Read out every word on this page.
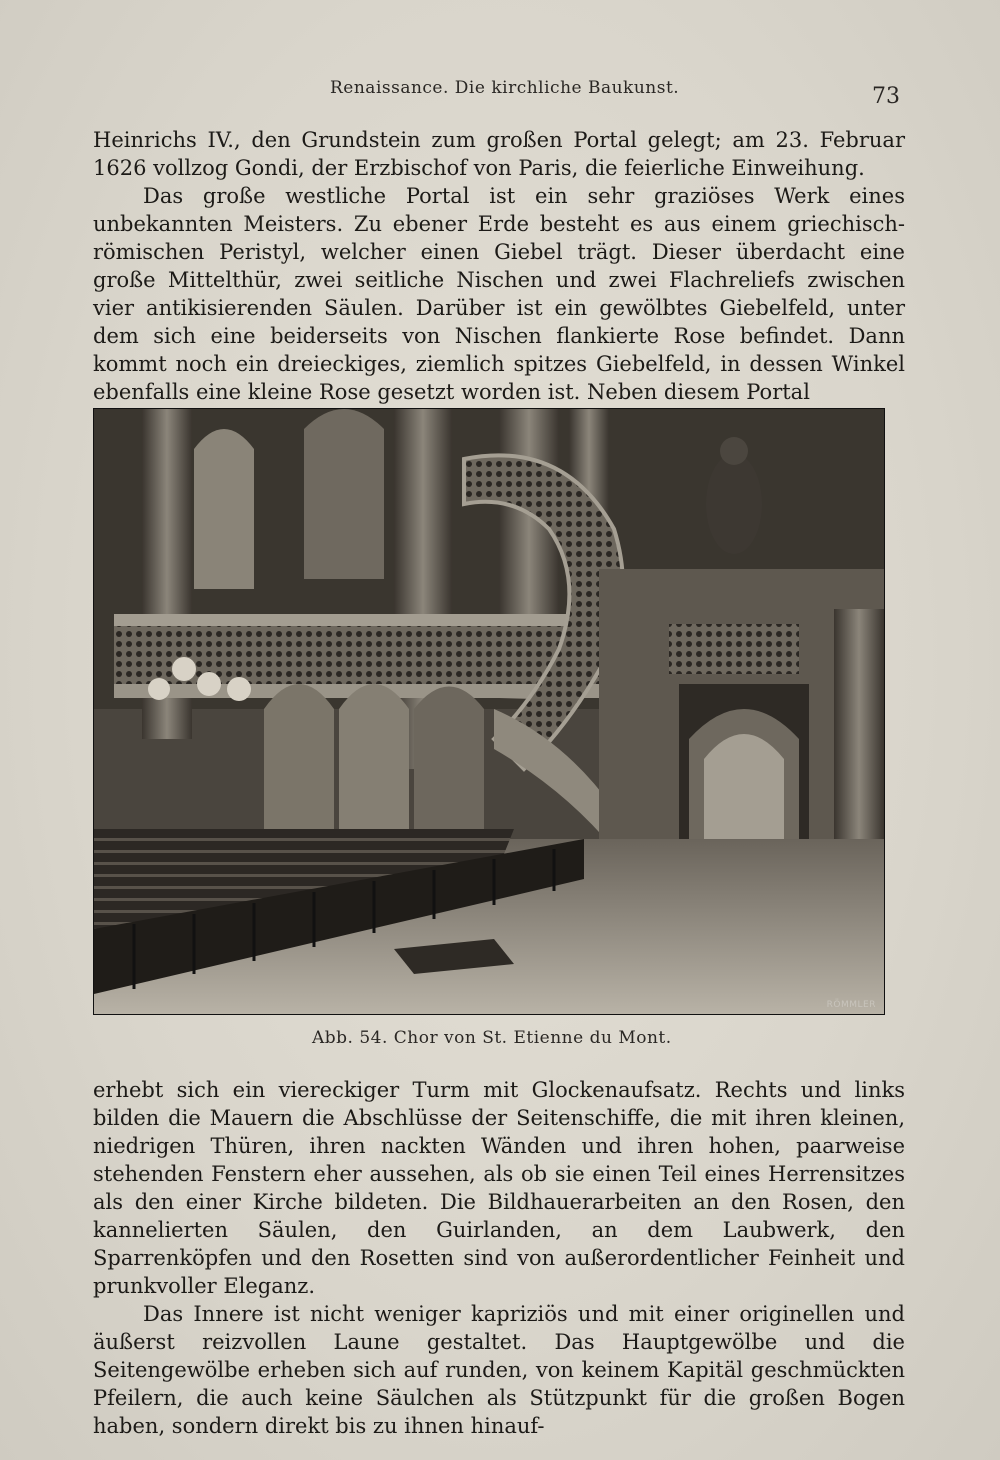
Renaissance. Die kirchliche Baukunst.	73

Heinrichs IV., den Grundstein zum großen Portal gelegt; am 23. Februar 1626 vollzog Gondi, der Erzbischof von Paris, die feierliche Einweihung.

Das große westliche Portal ist ein sehr graziöses Werk eines unbekannten Meisters. Zu ebener Erde besteht es aus einem griechisch-römischen Peristyl, welcher einen Giebel trägt. Dieser überdacht eine große Mittelthür, zwei seitliche Nischen und zwei Flachreliefs zwischen vier antikisierenden Säulen. Darüber ist ein gewölbtes Giebelfeld, unter dem sich eine beiderseits von Nischen flankierte Rose befindet. Dann kommt noch ein dreieckiges, ziemlich spitzes Giebelfeld, in dessen Winkel ebenfalls eine kleine Rose gesetzt worden ist. Neben diesem Portal

RÖMMLER
Abb. 54. Chor von St. Etienne du Mont.

erhebt sich ein viereckiger Turm mit Glockenaufsatz. Rechts und links bilden die Mauern die Abschlüsse der Seitenschiffe, die mit ihren kleinen, niedrigen Thüren, ihren nackten Wänden und ihren hohen, paarweise stehenden Fenstern eher aussehen, als ob sie einen Teil eines Herrensitzes als den einer Kirche bildeten. Die Bildhauerarbeiten an den Rosen, den kannelierten Säulen, den Guirlanden, an dem Laubwerk, den Sparrenköpfen und den Rosetten sind von außerordentlicher Feinheit und prunkvoller Eleganz.

Das Innere ist nicht weniger kapriziös und mit einer originellen und äußerst reizvollen Laune gestaltet. Das Hauptgewölbe und die Seitengewölbe erheben sich auf runden, von keinem Kapitäl geschmückten Pfeilern, die auch keine Säulchen als Stützpunkt für die großen Bogen haben, sondern direkt bis zu ihnen hinauf-
